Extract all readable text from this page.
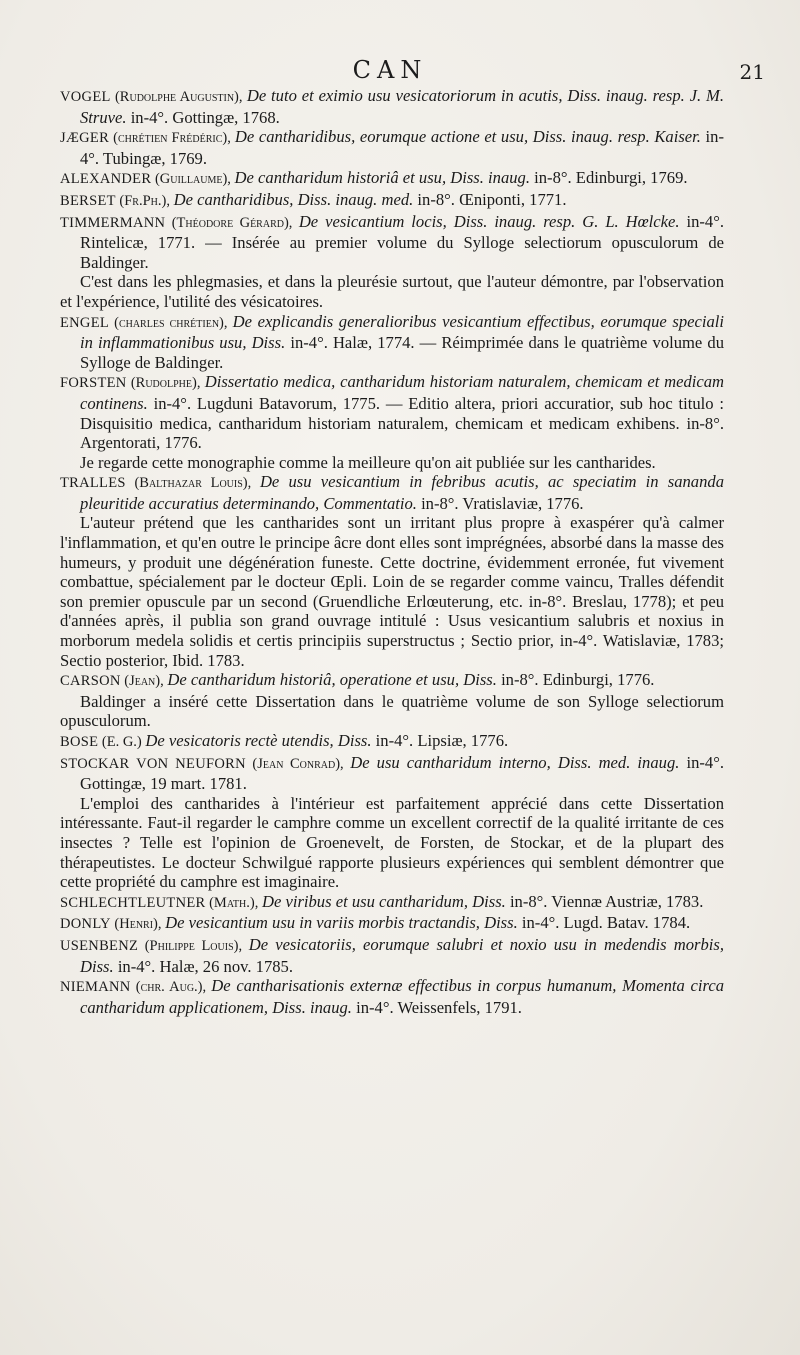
CAN	21

VOGEL (Rudolphe Augustin), De tuto et eximio usu vesicatoriorum in acutis, Diss. inaug. resp. J. M. Struve. in-4°. Gottingæ, 1768.

JÆGER (chrétien Frédéric), De cantharidibus, eorumque actione et usu, Diss. inaug. resp. Kaiser. in-4°. Tubingæ, 1769.

ALEXANDER (Guillaume), De cantharidum historiâ et usu, Diss. inaug. in-8°. Edinburgi, 1769.

BERSET (Fr.Ph.), De cantharidibus, Diss. inaug. med. in-8°. Œniponti, 1771.

TIMMERMANN (Théodore Gérard), De vesicantium locis, Diss. inaug. resp. G. L. Hœlcke. in-4°. Rintelicæ, 1771. — Insérée au premier volume du Sylloge selectiorum opusculorum de Baldinger.

C'est dans les phlegmasies, et dans la pleurésie surtout, que l'auteur démontre, par l'observation et l'expérience, l'utilité des vésicatoires.

ENGEL (charles chrétien), De explicandis generalioribus vesicantium effectibus, eorumque speciali in inflammationibus usu, Diss. in-4°. Halæ, 1774. — Réimprimée dans le quatrième volume du Sylloge de Baldinger.

FORSTEN (Rudolphe), Dissertatio medica, cantharidum historiam naturalem, chemicam et medicam continens. in-4°. Lugduni Batavorum, 1775. — Editio altera, priori accuratior, sub hoc titulo : Disquisitio medica, cantharidum historiam naturalem, chemicam et medicam exhibens. in-8°. Argentorati, 1776.

Je regarde cette monographie comme la meilleure qu'on ait publiée sur les cantharides.

TRALLES (Balthazar Louis), De usu vesicantium in febribus acutis, ac speciatim in sananda pleuritide accuratius determinando, Commentatio. in-8°. Vratislaviæ, 1776.

L'auteur prétend que les cantharides sont un irritant plus propre à exaspérer qu'à calmer l'inflammation, et qu'en outre le principe âcre dont elles sont imprégnées, absorbé dans la masse des humeurs, y produit une dégénération funeste. Cette doctrine, évidemment erronée, fut vivement combattue, spécialement par le docteur Œpli. Loin de se regarder comme vaincu, Tralles défendit son premier opuscule par un second (Gruendliche Erlœuterung, etc. in-8°. Breslau, 1778); et peu d'années après, il publia son grand ouvrage intitulé : Usus vesicantium salubris et noxius in morborum medela solidis et certis principiis superstructus ; Sectio prior, in-4°. Watislaviæ, 1783; Sectio posterior, Ibid. 1783.

CARSON (Jean), De cantharidum historiâ, operatione et usu, Diss. in-8°. Edinburgi, 1776.

Baldinger a inséré cette Dissertation dans le quatrième volume de son Sylloge selectiorum opusculorum.

BOSE (E. G.) De vesicatoris rectè utendis, Diss. in-4°. Lipsiæ, 1776.

STOCKAR VON NEUFORN (Jean Conrad), De usu cantharidum interno, Diss. med. inaug. in-4°. Gottingæ, 19 mart. 1781.

L'emploi des cantharides à l'intérieur est parfaitement apprécié dans cette Dissertation intéressante. Faut-il regarder le camphre comme un excellent correctif de la qualité irritante de ces insectes ? Telle est l'opinion de Groenevelt, de Forsten, de Stockar, et de la plupart des thérapeutistes. Le docteur Schwilgué rapporte plusieurs expériences qui semblent démontrer que cette propriété du camphre est imaginaire.

SCHLECHTLEUTNER (Math.), De viribus et usu cantharidum, Diss. in-8°. Viennæ Austriæ, 1783.

DONLY (Henri), De vesicantium usu in variis morbis tractandis, Diss. in-4°. Lugd. Batav. 1784.

USENBENZ (Philippe Louis), De vesicatoriis, eorumque salubri et noxio usu in medendis morbis, Diss. in-4°. Halæ, 26 nov. 1785.

NIEMANN (chr. Aug.), De cantharisationis externæ effectibus in corpus humanum, Momenta circa cantharidum applicationem, Diss. inaug. in-4°. Weissenfels, 1791.
